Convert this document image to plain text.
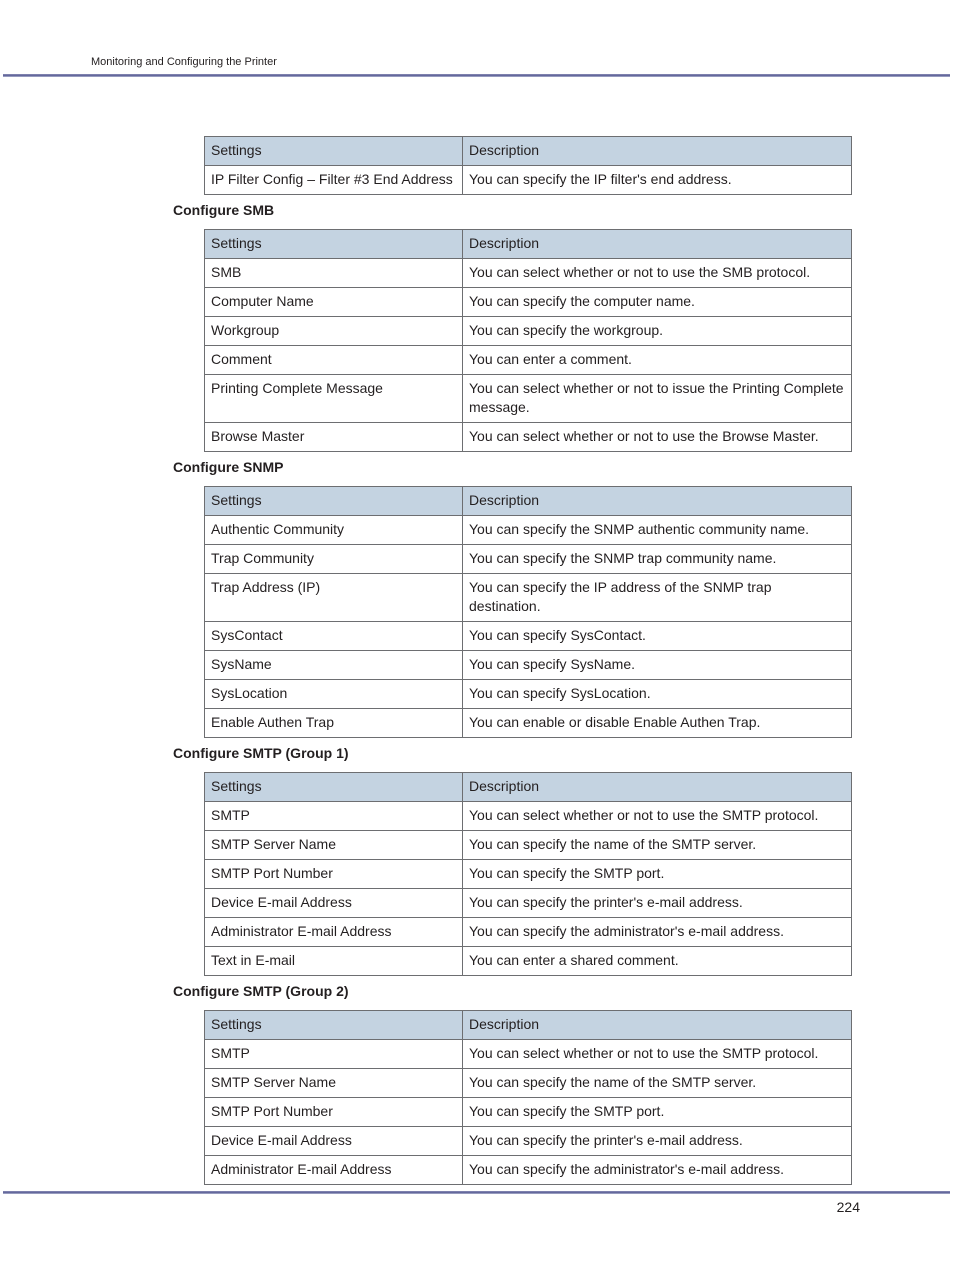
Monitoring and Configuring the Printer
Settings	Description
IP Filter Config – Filter #3 End Address	You can specify the IP filter's end address.
Configure SMB
Settings	Description
SMB	You can select whether or not to use the SMB protocol.
Computer Name	You can specify the computer name.
Workgroup	You can specify the workgroup.
Comment	You can enter a comment.
Printing Complete Message	You can select whether or not to issue the Printing Complete message.
Browse Master	You can select whether or not to use the Browse Master.
Configure SNMP
Settings	Description
Authentic Community	You can specify the SNMP authentic community name.
Trap Community	You can specify the SNMP trap community name.
Trap Address (IP)	You can specify the IP address of the SNMP trap destination.
SysContact	You can specify SysContact.
SysName	You can specify SysName.
SysLocation	You can specify SysLocation.
Enable Authen Trap	You can enable or disable Enable Authen Trap.
Configure SMTP (Group 1)
Settings	Description
SMTP	You can select whether or not to use the SMTP protocol.
SMTP Server Name	You can specify the name of the SMTP server.
SMTP Port Number	You can specify the SMTP port.
Device E-mail Address	You can specify the printer's e-mail address.
Administrator E-mail Address	You can specify the administrator's e-mail address.
Text in E-mail	You can enter a shared comment.
Configure SMTP (Group 2)
Settings	Description
SMTP	You can select whether or not to use the SMTP protocol.
SMTP Server Name	You can specify the name of the SMTP server.
SMTP Port Number	You can specify the SMTP port.
Device E-mail Address	You can specify the printer's e-mail address.
Administrator E-mail Address	You can specify the administrator's e-mail address.
224
